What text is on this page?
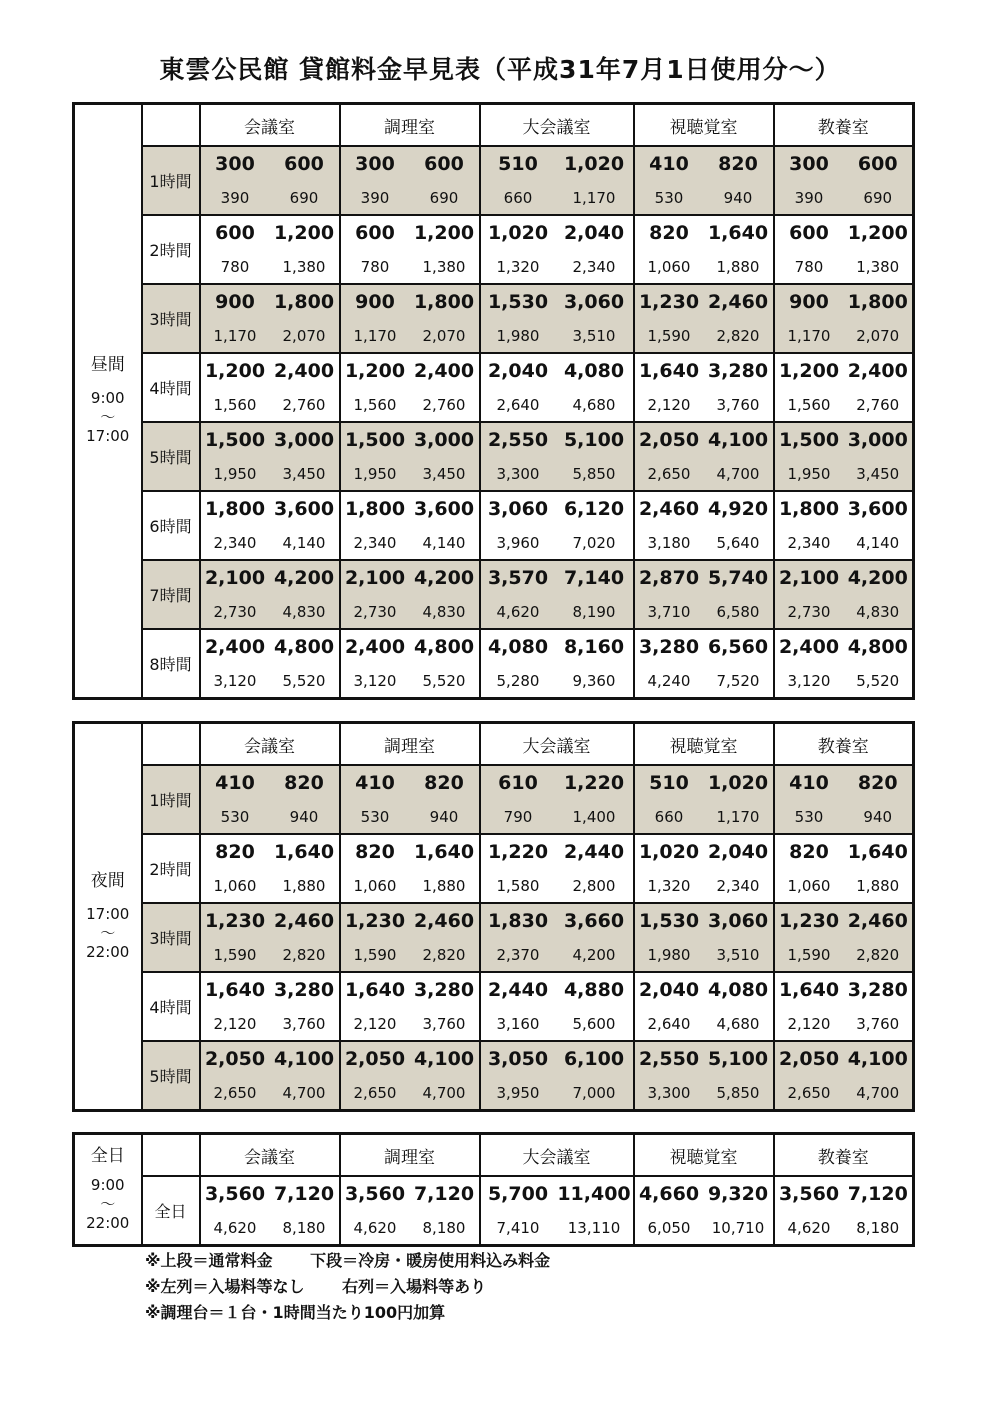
東雲公民館 貸館料金早見表（平成31年7月1日使用分～）
昼間
9:00
～
17:00		会議室		調理室		大会議室		視聴覚室		教養室	
	1時間	300	600	300	600	510	1,020	410	820	300	600
		390	690	390	690	660	1,170	530	940	390	690
	2時間	600	1,200	600	1,200	1,020	2,040	820	1,640	600	1,200
		780	1,380	780	1,380	1,320	2,340	1,060	1,880	780	1,380
	3時間	900	1,800	900	1,800	1,530	3,060	1,230	2,460	900	1,800
		1,170	2,070	1,170	2,070	1,980	3,510	1,590	2,820	1,170	2,070
	4時間	1,200	2,400	1,200	2,400	2,040	4,080	1,640	3,280	1,200	2,400
		1,560	2,760	1,560	2,760	2,640	4,680	2,120	3,760	1,560	2,760
	5時間	1,500	3,000	1,500	3,000	2,550	5,100	2,050	4,100	1,500	3,000
		1,950	3,450	1,950	3,450	3,300	5,850	2,650	4,700	1,950	3,450
	6時間	1,800	3,600	1,800	3,600	3,060	6,120	2,460	4,920	1,800	3,600
		2,340	4,140	2,340	4,140	3,960	7,020	3,180	5,640	2,340	4,140
	7時間	2,100	4,200	2,100	4,200	3,570	7,140	2,870	5,740	2,100	4,200
		2,730	4,830	2,730	4,830	4,620	8,190	3,710	6,580	2,730	4,830
	8時間	2,400	4,800	2,400	4,800	4,080	8,160	3,280	6,560	2,400	4,800
		3,120	5,520	3,120	5,520	5,280	9,360	4,240	7,520	3,120	5,520
夜間
17:00
～
22:00		会議室		調理室		大会議室		視聴覚室		教養室	
	1時間	410	820	410	820	610	1,220	510	1,020	410	820
		530	940	530	940	790	1,400	660	1,170	530	940
	2時間	820	1,640	820	1,640	1,220	2,440	1,020	2,040	820	1,640
		1,060	1,880	1,060	1,880	1,580	2,800	1,320	2,340	1,060	1,880
	3時間	1,230	2,460	1,230	2,460	1,830	3,660	1,530	3,060	1,230	2,460
		1,590	2,820	1,590	2,820	2,370	4,200	1,980	3,510	1,590	2,820
	4時間	1,640	3,280	1,640	3,280	2,440	4,880	2,040	4,080	1,640	3,280
		2,120	3,760	2,120	3,760	3,160	5,600	2,640	4,680	2,120	3,760
	5時間	2,050	4,100	2,050	4,100	3,050	6,100	2,550	5,100	2,050	4,100
		2,650	4,700	2,650	4,700	3,950	7,000	3,300	5,850	2,650	4,700
全日
9:00
～
22:00		会議室		調理室		大会議室		視聴覚室		教養室	
	全日	3,560	7,120	3,560	7,120	5,700	11,400	4,660	9,320	3,560	7,120
		4,620	8,180	4,620	8,180	7,410	13,110	6,050	10,710	4,620	8,180
※上段＝通常料金　　 下段＝冷房・暖房使用料込み料金
※左列＝入場料等なし　　 右列＝入場料等あり
※調理台＝１台・1時間当たり100円加算
